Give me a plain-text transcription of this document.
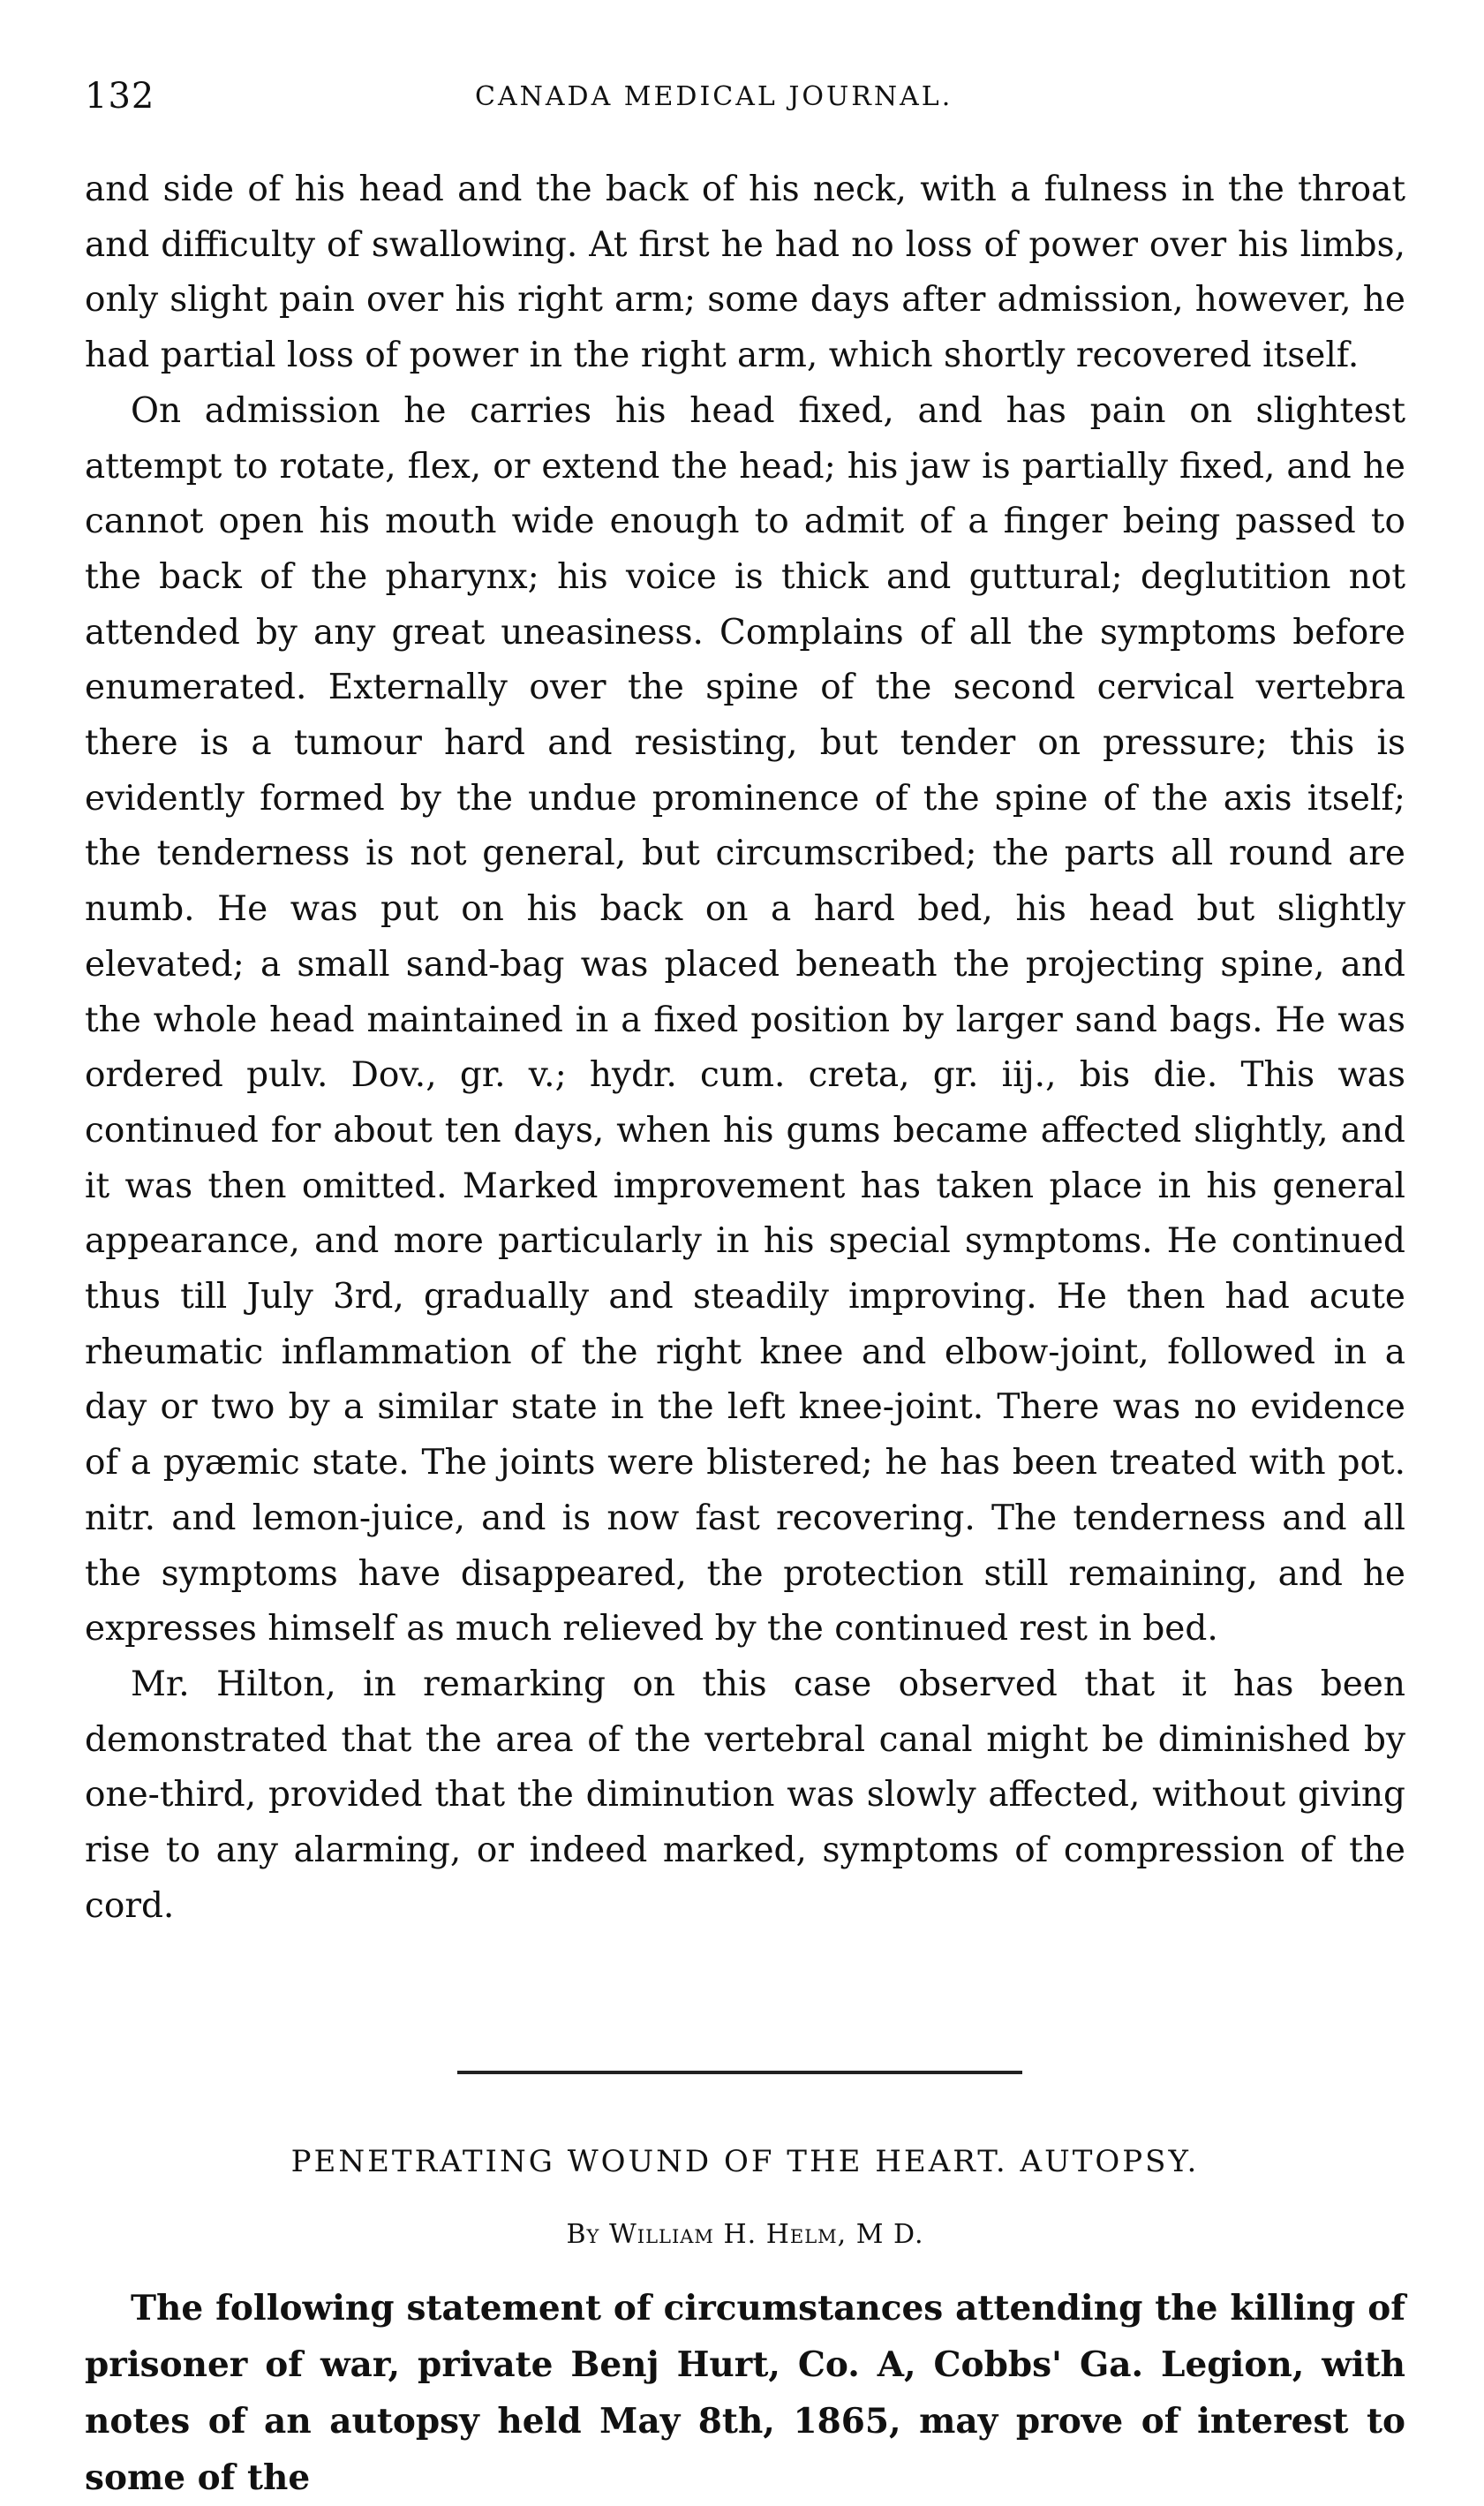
132	CANADA MEDICAL JOURNAL.

and side of his head and the back of his neck, with a fulness in the throat and difficulty of swallowing. At first he had no loss of power over his limbs, only slight pain over his right arm; some days after admission, however, he had partial loss of power in the right arm, which shortly recovered itself.

On admission he carries his head fixed, and has pain on slightest attempt to rotate, flex, or extend the head; his jaw is partially fixed, and he cannot open his mouth wide enough to admit of a finger being passed to the back of the pharynx; his voice is thick and guttural; deglutition not attended by any great uneasiness. Complains of all the symptoms before enumerated. Externally over the spine of the second cervical vertebra there is a tumour hard and resisting, but tender on pressure; this is evidently formed by the undue prominence of the spine of the axis itself; the tenderness is not general, but circumscribed; the parts all round are numb. He was put on his back on a hard bed, his head but slightly elevated; a small sand-bag was placed beneath the projecting spine, and the whole head maintained in a fixed position by larger sand bags. He was ordered pulv. Dov., gr. v.; hydr. cum. creta, gr. iij., bis die. This was continued for about ten days, when his gums became affected slightly, and it was then omitted. Marked improvement has taken place in his general appearance, and more particularly in his special symptoms. He continued thus till July 3rd, gradually and steadily improving. He then had acute rheumatic inflammation of the right knee and elbow-joint, followed in a day or two by a similar state in the left knee-joint. There was no evidence of a pyæmic state. The joints were blistered; he has been treated with pot. nitr. and lemon-juice, and is now fast recovering. The tenderness and all the symptoms have disappeared, the protection still remaining, and he expresses himself as much relieved by the continued rest in bed.

Mr. Hilton, in remarking on this case observed that it has been demonstrated that the area of the vertebral canal might be diminished by one-third, provided that the diminution was slowly affected, without giving rise to any alarming, or indeed marked, symptoms of compression of the cord.

PENETRATING WOUND OF THE HEART. AUTOPSY.
By William H. Helm, M D.

The following statement of circumstances attending the killing of prisoner of war, private Benj Hurt, Co. A, Cobbs' Ga. Legion, with notes of an autopsy held May 8th, 1865, may prove of interest to some of the
